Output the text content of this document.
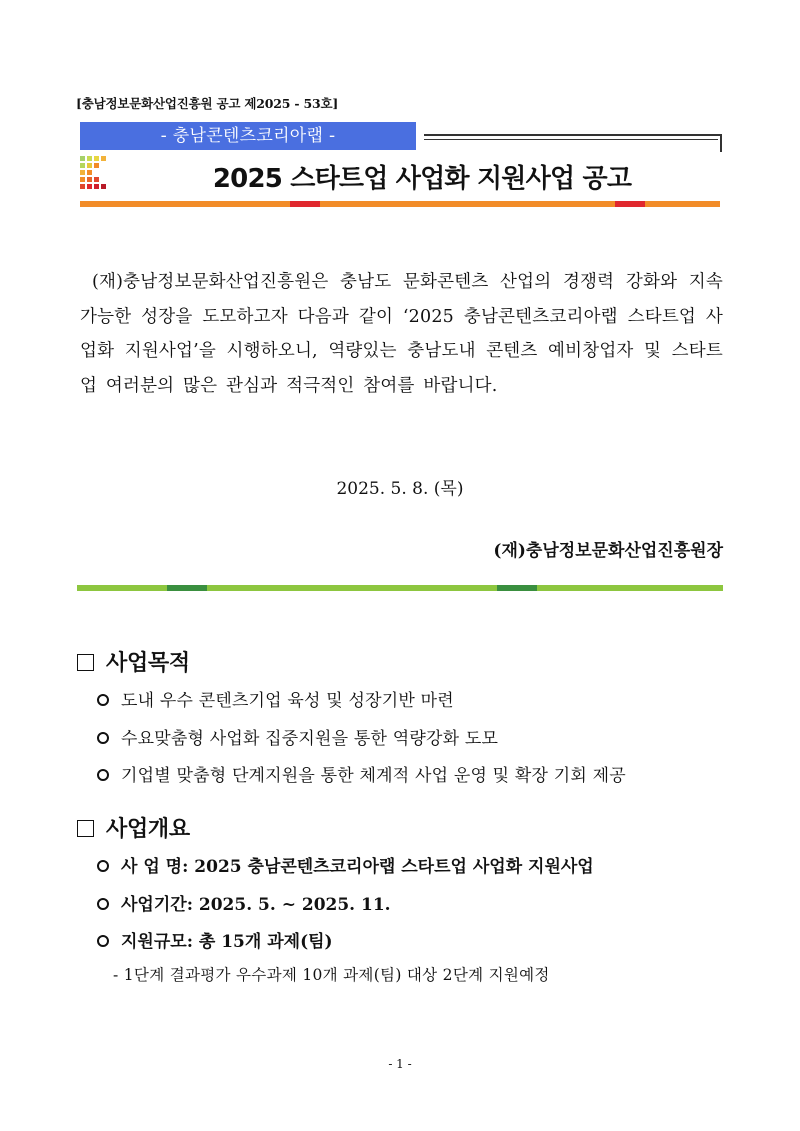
[충남정보문화산업진흥원 공고 제2025 - 53호]
- 충남콘텐츠코리아랩 -
2025 스타트업 사업화 지원사업 공고
(재)충남정보문화산업진흥원은 충남도 문화콘텐츠 산업의 경쟁력 강화와 지속가능한 성장을 도모하고자 다음과 같이 ‘2025 충남콘텐츠코리아랩 스타트업 사업화 지원사업’을 시행하오니, 역량있는 충남도내 콘텐츠 예비창업자 및 스타트업 여러분의 많은 관심과 적극적인 참여를 바랍니다.
2025. 5. 8. (목)
(재)충남정보문화산업진흥원장
사업목적
도내 우수 콘텐츠기업 육성 및 성장기반 마련
수요맞춤형 사업화 집중지원을 통한 역량강화 도모
기업별 맞춤형 단계지원을 통한 체계적 사업 운영 및 확장 기회 제공
사업개요
사 업 명: 2025 충남콘텐츠코리아랩 스타트업 사업화 지원사업
사업기간: 2025. 5. ~ 2025. 11.
지원규모: 총 15개 과제(팀)
- 1단계 결과평가 우수과제 10개 과제(팀) 대상 2단계 지원예정
- 1 -
